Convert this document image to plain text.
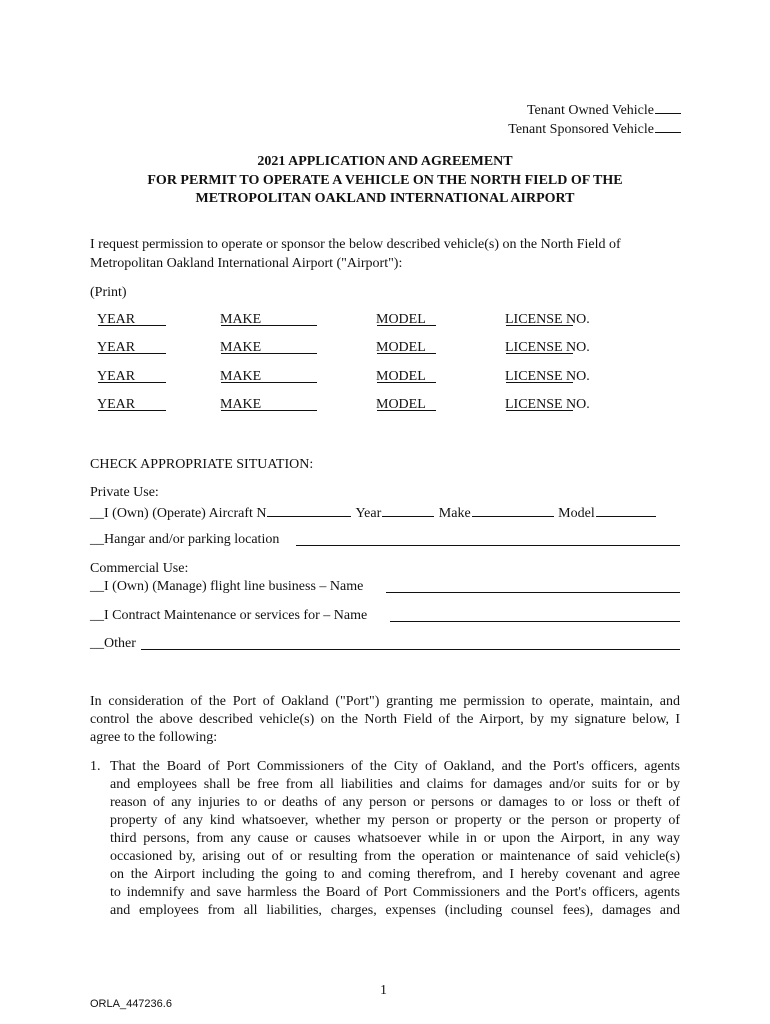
Tenant Owned Vehicle
Tenant Sponsored Vehicle
2021 APPLICATION AND AGREEMENT
FOR PERMIT TO OPERATE A VEHICLE ON THE NORTH FIELD OF THE
METROPOLITAN OAKLAND INTERNATIONAL AIRPORT
I request permission to operate or sponsor the below described vehicle(s) on the North Field of
Metropolitan Oakland International Airport ("Airport"):
(Print)
YEAR	MAKE	MODEL	LICENSE NO.
YEAR	MAKE	MODEL	LICENSE NO.
YEAR	MAKE	MODEL	LICENSE NO.
YEAR	MAKE	MODEL	LICENSE NO.
CHECK APPROPRIATE SITUATION:
Private Use:
__I (Own) (Operate) Aircraft N	Year	Make	Model
__Hangar and/or parking location
Commercial Use:
__I (Own) (Manage) flight line business – Name
__I Contract Maintenance or services for – Name
__Other
In consideration of the Port of Oakland ("Port") granting me permission to operate, maintain, and
control the above described vehicle(s) on the North Field of the Airport, by my signature below, I
agree to the following:
1. That the Board of Port Commissioners of the City of Oakland, and the Port's officers, agents
and employees shall be free from all liabilities and claims for damages and/or suits for or by
reason of any injuries to or deaths of any person or persons or damages to or loss or theft of
property of any kind whatsoever, whether my person or property or the person or property of
third persons, from any cause or causes whatsoever while in or upon the Airport, in any way
occasioned by, arising out of or resulting from the operation or maintenance of said vehicle(s)
on the Airport including the going to and coming therefrom, and I hereby covenant and agree
to indemnify and save harmless the Board of Port Commissioners and the Port's officers, agents
and employees from all liabilities, charges, expenses (including counsel fees), damages and
1
ORLA_447236.6
